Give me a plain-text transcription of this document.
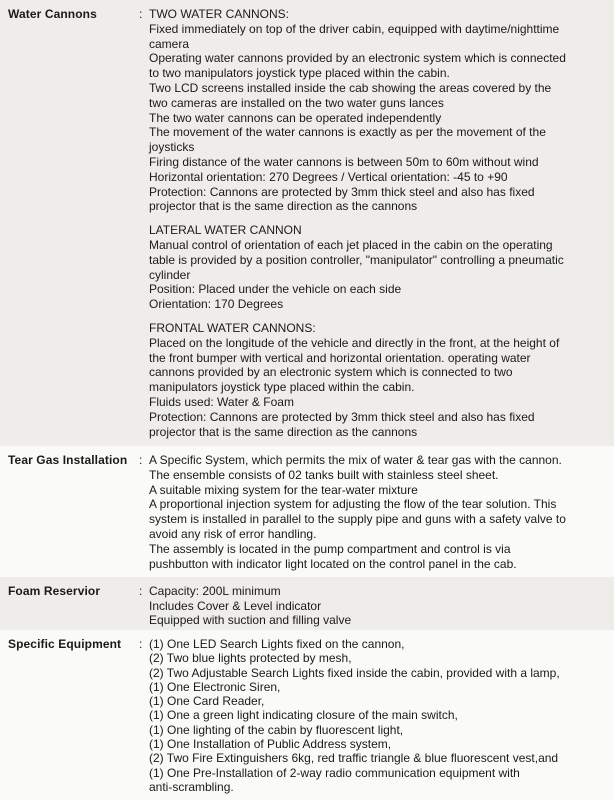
Water Cannons	: TWO WATER CANNONS:
Fixed immediately on top of the driver cabin, equipped with daytime/nighttime
camera
Operating water cannons provided by an electronic system which is connected
to two manipulators joystick type placed within the cabin.
Two LCD screens installed inside the cab showing the areas covered by the
two cameras are installed on the two water guns lances
The two water cannons can be operated independently
The movement of the water cannons is exactly as per the movement of the
joysticks
Firing distance of the water cannons is between 50m to 60m without wind
Horizontal orientation: 270 Degrees / Vertical orientation: -45 to +90
Protection: Cannons are protected by 3mm thick steel and also has fixed
projector that is the same direction as the cannons
LATERAL WATER CANNON
Manual control of orientation of each jet placed in the cabin on the operating
table is provided by a position controller, "manipulator" controlling a pneumatic
cylinder
Position: Placed under the vehicle on each side
Orientation: 170 Degrees
FRONTAL WATER CANNONS:
Placed on the longitude of the vehicle and directly in the front, at the height of
the front bumper with vertical and horizontal orientation. operating water
cannons provided by an electronic system which is connected to two
manipulators joystick type placed within the cabin.
Fluids used: Water & Foam
Protection: Cannons are protected by 3mm thick steel and also has fixed
projector that is the same direction as the cannons
Tear Gas Installation : A Specific System, which permits the mix of water & tear gas with the cannon.
The ensemble consists of 02 tanks built with stainless steel sheet.
A suitable mixing system for the tear-water mixture
A proportional injection system for adjusting the flow of the tear solution. This
system is installed in parallel to the supply pipe and guns with a safety valve to
avoid any risk of error handling.
The assembly is located in the pump compartment and control is via
pushbutton with indicator light located on the control panel in the cab.
Foam Reservior	: Capacity: 200L minimum
Includes Cover & Level indicator
Equipped with suction and filling valve
Specific Equipment	: (1) One LED Search Lights fixed on the cannon,
(2) Two blue lights protected by mesh,
(2) Two Adjustable Search Lights fixed inside the cabin, provided with a lamp,
(1) One Electronic Siren,
(1) One Card Reader,
(1) One a green light indicating closure of the main switch,
(1) One lighting of the cabin by fluorescent light,
(1) One Installation of Public Address system,
(2) Two Fire Extinguishers 6kg, red traffic triangle & blue fluorescent vest,and
(1) One Pre-Installation of 2-way radio communication equipment with
anti-scrambling.
